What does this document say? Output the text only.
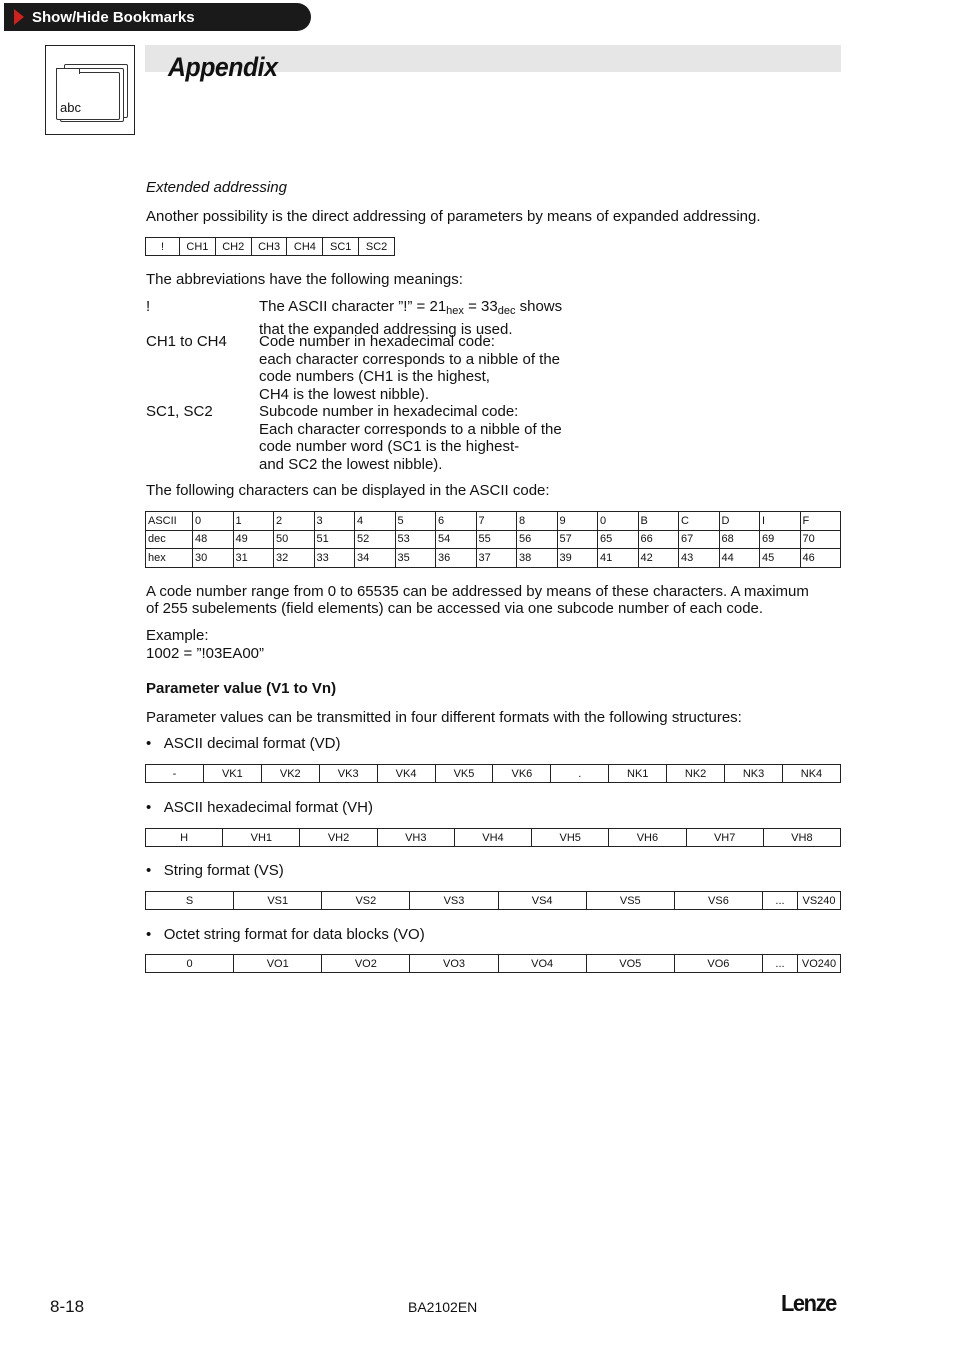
Show/Hide Bookmarks
abc
Appendix
Extended addressing
Another possibility is the direct addressing of parameters by means of expanded addressing.
!	CH1	CH2	CH3	CH4	SC1	SC2
The abbreviations have the following meanings:
!	The ASCII character ”!” = $21_{hex} = 33_{dec}$ shows
that the expanded addressing is used.
CH1 to CH4 Code number in hexadecimal code:
each character corresponds to a nibble of the
code numbers (CH1 is the highest,
CH4 is the lowest nibble).
SC1, SC2	Subcode number in hexadecimal code:
Each character corresponds to a nibble of the
code number word (SC1 is the highest-
and SC2 the lowest nibble).
The following characters can be displayed in the ASCII code:
ASCII	0	1	2	3	4	5	6	7	8	9	0	B	C	D	I	F
dec	48	49	50	51	52	53	54	55	56	57	65	66	67	68	69	70
hex	30	31	32	33	34	35	36	37	38	39	41	42	43	44	45	46
A code number range from 0 to 65535 can be addressed by means of these characters. A maximum
of 255 subelements (field elements) can be accessed via one subcode number of each code.
Example:
1002 = ”!03EA00”
Parameter value (V1 to Vn)
Parameter values can be transmitted in four different formats with the following structures:
•   ASCII decimal format (VD)
-	VK1	VK2	VK3	VK4	VK5	VK6	.	NK1	NK2	NK3	NK4
•   ASCII hexadecimal format (VH)
H	VH1	VH2	VH3	VH4	VH5	VH6	VH7	VH8
•   String format (VS)
S	VS1	VS2	VS3	VS4	VS5	VS6	...	VS240
•   Octet string format for data blocks (VO)
0	VO1	VO2	VO3	VO4	VO5	VO6	...	VO240
8-18	BA2102EN	Lenze
